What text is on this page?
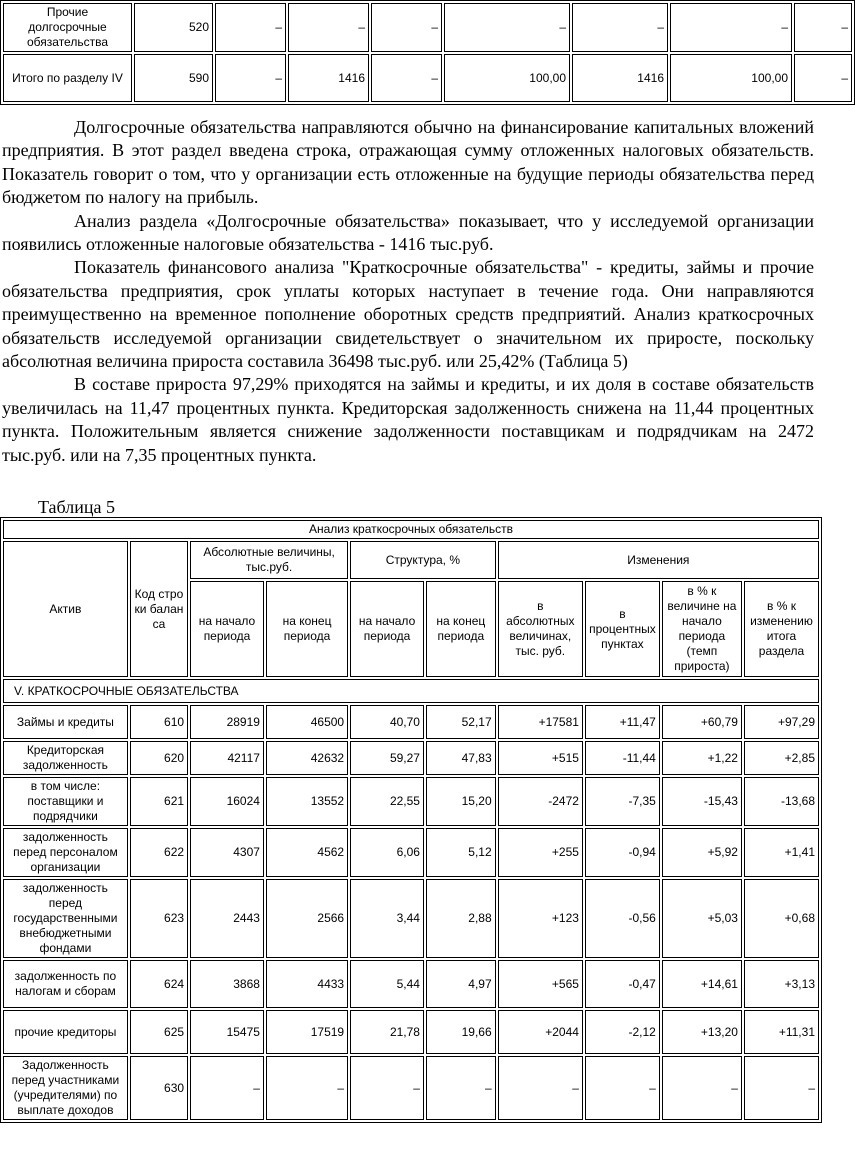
Прочие долгосрочные обязательства	520	–	–	–	–	–	–	–
Итого по разделу IV	590	–	1416	–	100,00	1416	100,00	–

Долгосрочные обязательства направляются обычно на финансирование капитальных вложений предприятия. В этот раздел введена строка, отражающая сумму отложенных налоговых обязательств. Показатель говорит о том, что у организации есть отложенные на будущие периоды обязательства перед бюджетом по налогу на прибыль.

Анализ раздела «Долгосрочные обязательства» показывает, что у исследуемой организации появились отложенные налоговые обязательства - 1416 тыс.руб.

Показатель финансового анализа "Краткосрочные обязательства" - кредиты, займы и прочие обязательства предприятия, срок уплаты которых наступает в течение года. Они направляются преимущественно на временное пополнение оборотных средств предприятий. Анализ краткосрочных обязательств исследуемой организации свидетельствует о значительном их приросте, поскольку абсолютная величина прироста составила 36498 тыс.руб. или 25,42% (Таблица 5)

В составе прироста 97,29% приходятся на займы и кредиты, и их доля в составе обязательств увеличилась на 11,47 процентных пункта. Кредиторская задолженность снижена на 11,44 процентных пункта. Положительным является снижение задолженности поставщикам и подрядчикам на 2472 тыс.руб. или на 7,35 процентных пункта.

Таблица 5

Анализ краткосрочных обязательств									
Актив	Код строки баланса	Абсолютные величины, тыс.руб.		Структура, %		Изменения			
		на начало периода	на конец периода	на начало периода	на конец периода	в абсолютных величинах, тыс. руб.	в процентных пунктах	в % к величине на начало периода (темп прироста)	в % к изменению итога раздела
V. КРАТКОСРОЧНЫЕ ОБЯЗАТЕЛЬСТВА									
Займы и кредиты	610	28919	46500	40,70	52,17	+17581	+11,47	+60,79	+97,29
Кредиторская задолженность	620	42117	42632	59,27	47,83	+515	-11,44	+1,22	+2,85
в том числе: поставщики и подрядчики	621	16024	13552	22,55	15,20	-2472	-7,35	-15,43	-13,68
задолженность перед персоналом организации	622	4307	4562	6,06	5,12	+255	-0,94	+5,92	+1,41
задолженность перед государственными внебюджетными фондами	623	2443	2566	3,44	2,88	+123	-0,56	+5,03	+0,68
задолженность по налогам и сборам	624	3868	4433	5,44	4,97	+565	-0,47	+14,61	+3,13
прочие кредиторы	625	15475	17519	21,78	19,66	+2044	-2,12	+13,20	+11,31
Задолженность перед участниками (учредителями) по выплате доходов	630	–	–	–	–	–	–	–	–
